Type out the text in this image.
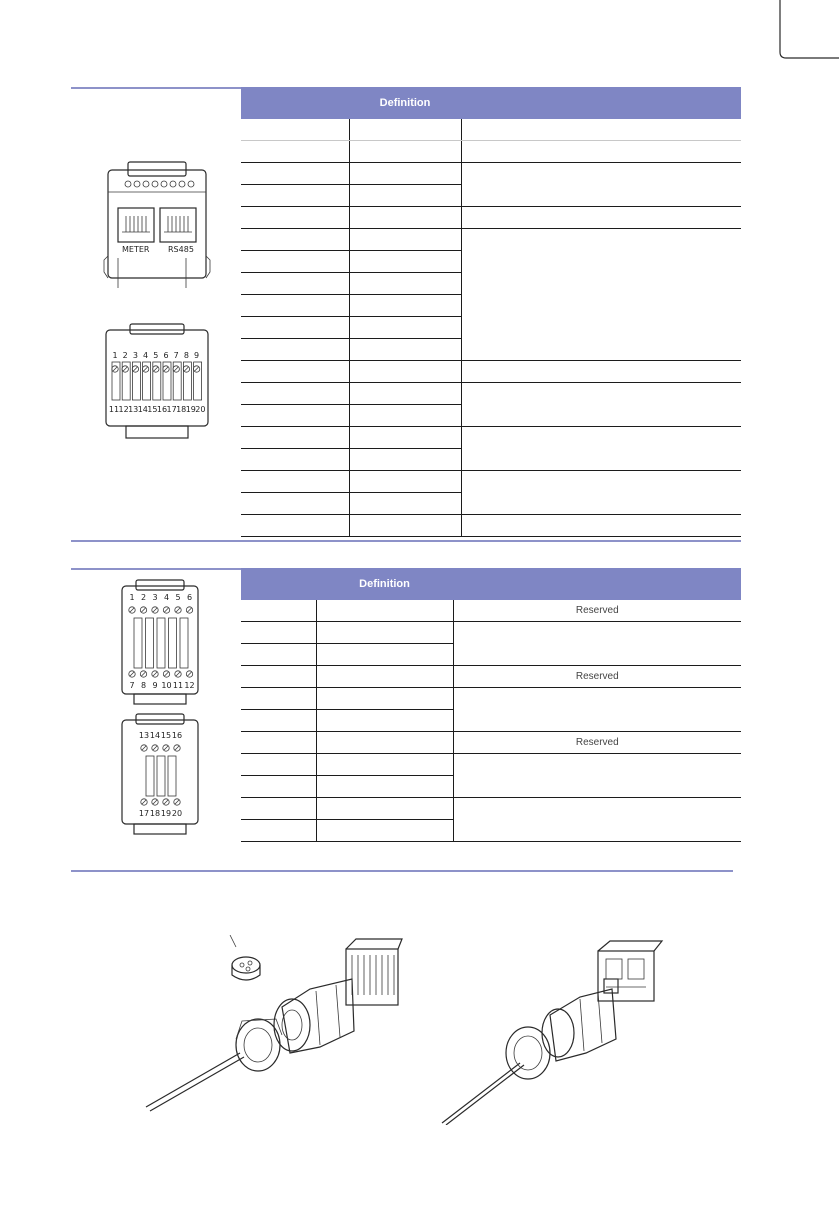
	Definition	

METER RS485
1 2 3 4 5 6 7 8 9
11 12 13 14 15 16 17 18 19 20
	Definition	
		Reserved

		Reserved

		Reserved

1 2 3 4 5 6
7 8 9 10 11 12
13 14 15 16
17 18 19 20
